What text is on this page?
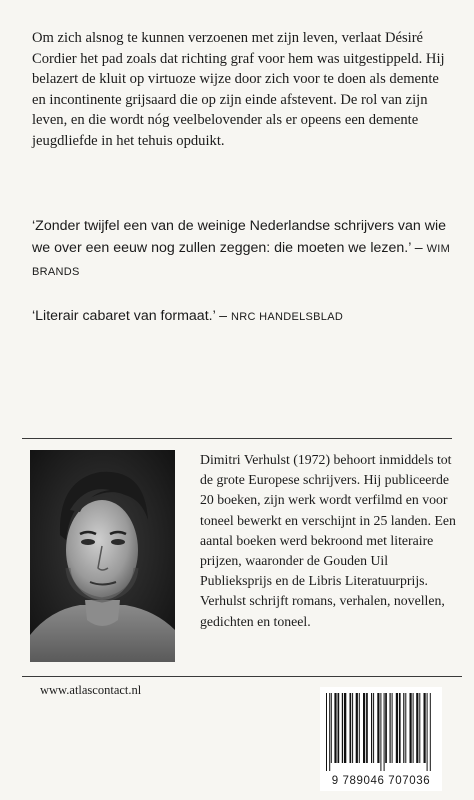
Om zich alsnog te kunnen verzoenen met zijn leven, verlaat Désiré Cordier het pad zoals dat richting graf voor hem was uitgestippeld. Hij belazert de kluit op virtuoze wijze door zich voor te doen als demente en incontinente grijsaard die op zijn einde afstevent. De rol van zijn leven, en die wordt nóg veelbelovender als er opeens een demente jeugdliefde in het tehuis opduikt.

‘Zonder twijfel een van de weinige Nederlandse schrijvers van wie we over een eeuw nog zullen zeggen: die moeten we lezen.’ – WIM BRANDS

‘Literair cabaret van formaat.’ – NRC HANDELSBLAD

Dimitri Verhulst (1972) behoort inmiddels tot de grote Europese schrijvers. Hij publiceerde 20 boeken, zijn werk wordt verfilmd en voor toneel bewerkt en verschijnt in 25 landen. Een aantal boeken werd bekroond met literaire prijzen, waaronder de Gouden Uil Publieksprijs en de Libris Literatuurprijs. Verhulst schrijft romans, verhalen, novellen, gedichten en toneel.

www.atlascontact.nl
9 789046 707036
